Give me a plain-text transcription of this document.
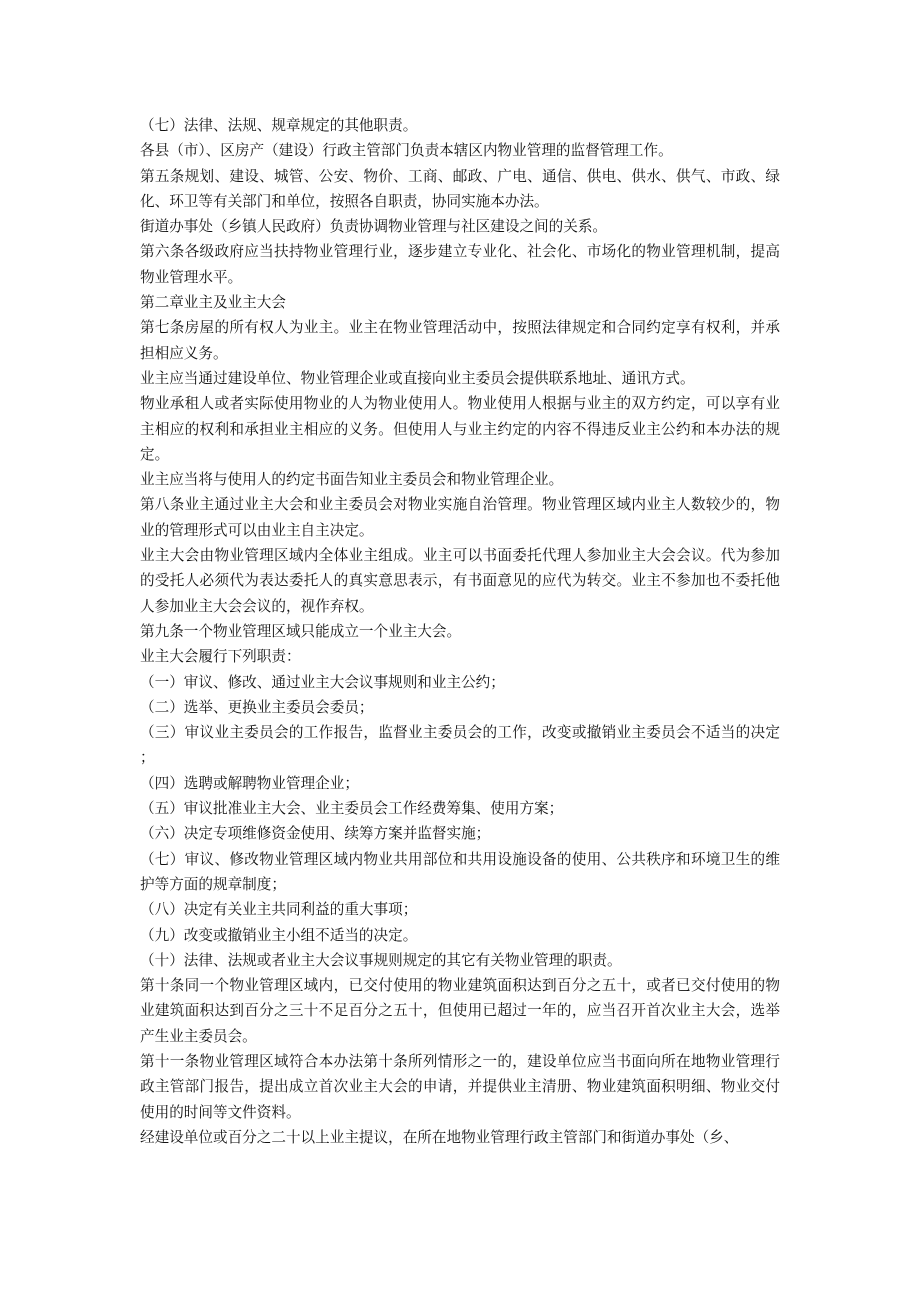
（七）法律、法规、规章规定的其他职责。

各县（市）、区房产（建设）行政主管部门负责本辖区内物业管理的监督管理工作。

第五条规划、建设、城管、公安、物价、工商、邮政、广电、通信、供电、供水、供气、市政、绿化、环卫等有关部门和单位，按照各自职责，协同实施本办法。

街道办事处（乡镇人民政府）负责协调物业管理与社区建设之间的关系。

第六条各级政府应当扶持物业管理行业，逐步建立专业化、社会化、市场化的物业管理机制，提高物业管理水平。

第二章业主及业主大会

第七条房屋的所有权人为业主。业主在物业管理活动中，按照法律规定和合同约定享有权利，并承担相应义务。

业主应当通过建设单位、物业管理企业或直接向业主委员会提供联系地址、通讯方式。

物业承租人或者实际使用物业的人为物业使用人。物业使用人根据与业主的双方约定，可以享有业主相应的权利和承担业主相应的义务。但使用人与业主约定的内容不得违反业主公约和本办法的规定。

业主应当将与使用人的约定书面告知业主委员会和物业管理企业。

第八条业主通过业主大会和业主委员会对物业实施自治管理。物业管理区域内业主人数较少的，物业的管理形式可以由业主自主决定。

业主大会由物业管理区域内全体业主组成。业主可以书面委托代理人参加业主大会会议。代为参加的受托人必须代为表达委托人的真实意思表示，有书面意见的应代为转交。业主不参加也不委托他人参加业主大会会议的，视作弃权。

第九条一个物业管理区域只能成立一个业主大会。

业主大会履行下列职责：

（一）审议、修改、通过业主大会议事规则和业主公约；

（二）选举、更换业主委员会委员；

（三）审议业主委员会的工作报告，监督业主委员会的工作，改变或撤销业主委员会不适当的决定；

（四）选聘或解聘物业管理企业；

（五）审议批准业主大会、业主委员会工作经费筹集、使用方案；

（六）决定专项维修资金使用、续筹方案并监督实施；

（七）审议、修改物业管理区域内物业共用部位和共用设施设备的使用、公共秩序和环境卫生的维护等方面的规章制度；

（八）决定有关业主共同利益的重大事项；

（九）改变或撤销业主小组不适当的决定。

（十）法律、法规或者业主大会议事规则规定的其它有关物业管理的职责。

第十条同一个物业管理区域内，已交付使用的物业建筑面积达到百分之五十，或者已交付使用的物业建筑面积达到百分之三十不足百分之五十，但使用已超过一年的，应当召开首次业主大会，选举产生业主委员会。

第十一条物业管理区域符合本办法第十条所列情形之一的，建设单位应当书面向所在地物业管理行政主管部门报告，提出成立首次业主大会的申请，并提供业主清册、物业建筑面积明细、物业交付使用的时间等文件资料。

经建设单位或百分之二十以上业主提议，在所在地物业管理行政主管部门和街道办事处（乡、
